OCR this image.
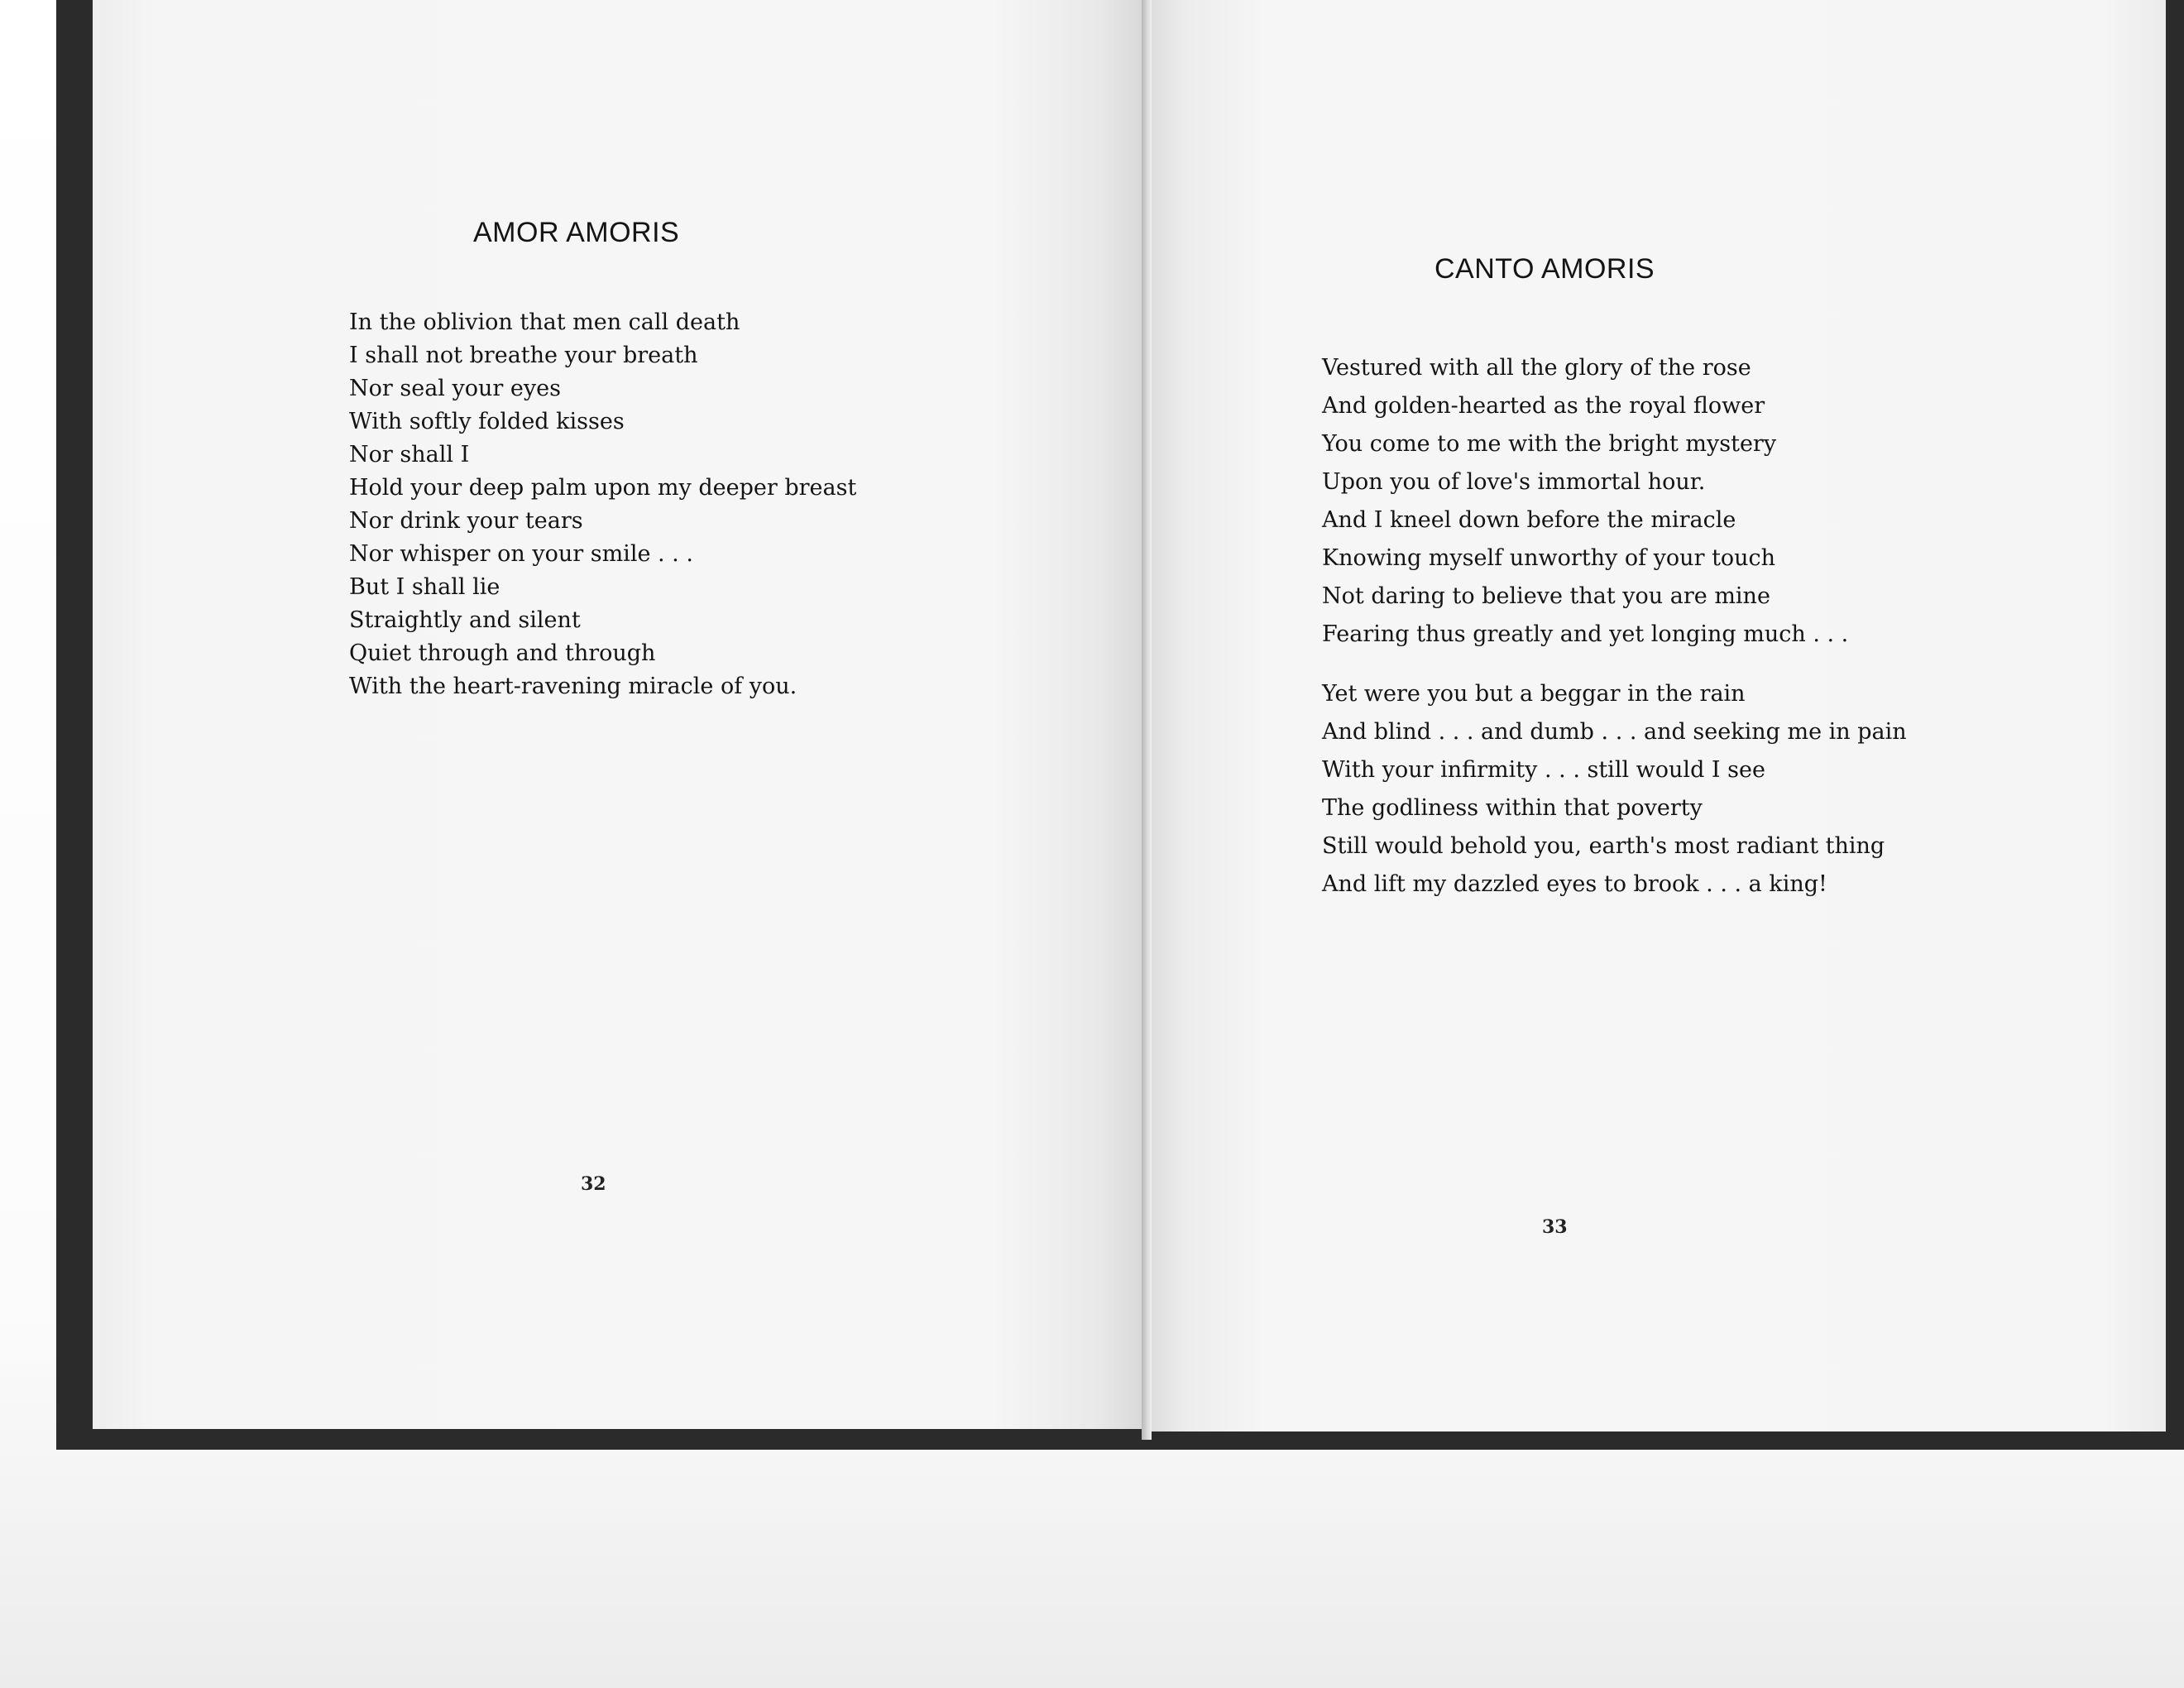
AMOR AMORIS
In the oblivion that men call death
I shall not breathe your breath
Nor seal your eyes
With softly folded kisses
Nor shall I
Hold your deep palm upon my deeper breast
Nor drink your tears
Nor whisper on your smile . . .
But I shall lie
Straightly and silent
Quiet through and through
With the heart-ravening miracle of you.
32
CANTO AMORIS
Vestured with all the glory of the rose
And golden-hearted as the royal flower
You come to me with the bright mystery
Upon you of love's immortal hour.
And I kneel down before the miracle
Knowing myself unworthy of your touch
Not daring to believe that you are mine
Fearing thus greatly and yet longing much . . .
Yet were you but a beggar in the rain
And blind . . . and dumb . . . and seeking me in pain
With your infirmity . . . still would I see
The godliness within that poverty
Still would behold you, earth's most radiant thing
And lift my dazzled eyes to brook . . . a king!
33
